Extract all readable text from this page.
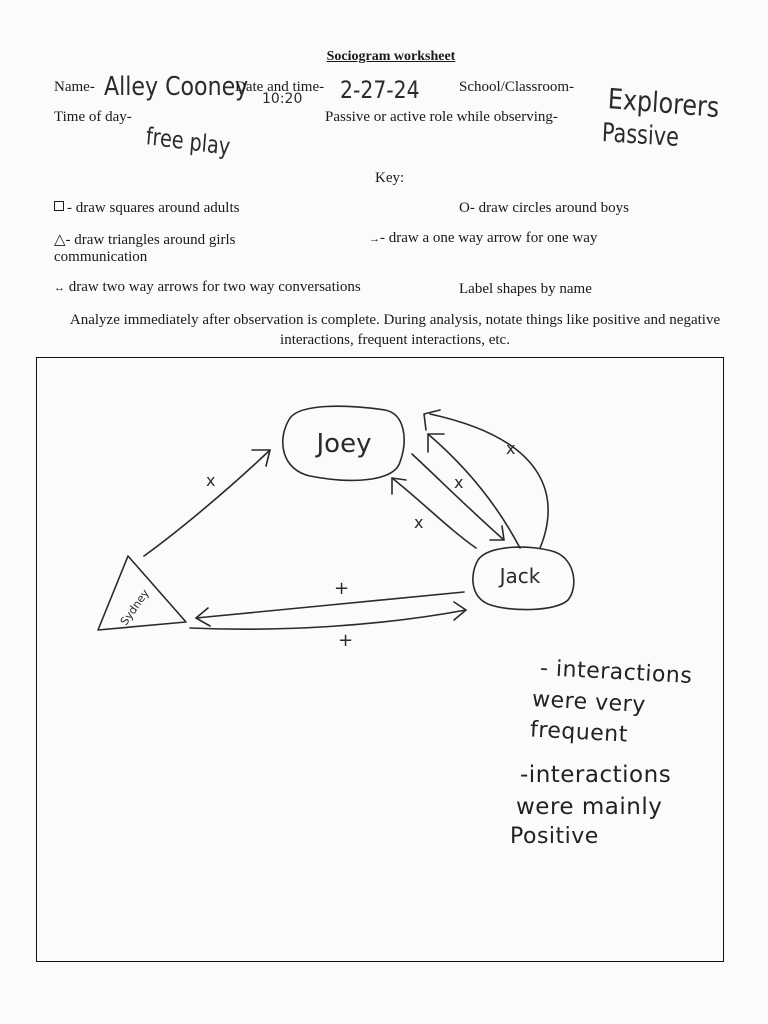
Sociogram worksheet
Name- Alley Cooney
Date and time- 2-27-24
10:20
School/Classroom- Explorers
Time of day-
free play
Passive or active role while observing-
Passive
Key:
- draw squares around adults	O- draw circles around boys
△- draw triangles around girls
communication
→- draw a one way arrow for one way
↔ draw two way arrows for two way conversations	Label shapes by name
Analyze immediately after observation is complete. During analysis, notate things like positive and negative interactions, frequent interactions, etc.
Joey
Jack
Sydney
x
x
x
x
+
+
- interactions
were very
frequent
-interactions
were mainly
Positive
